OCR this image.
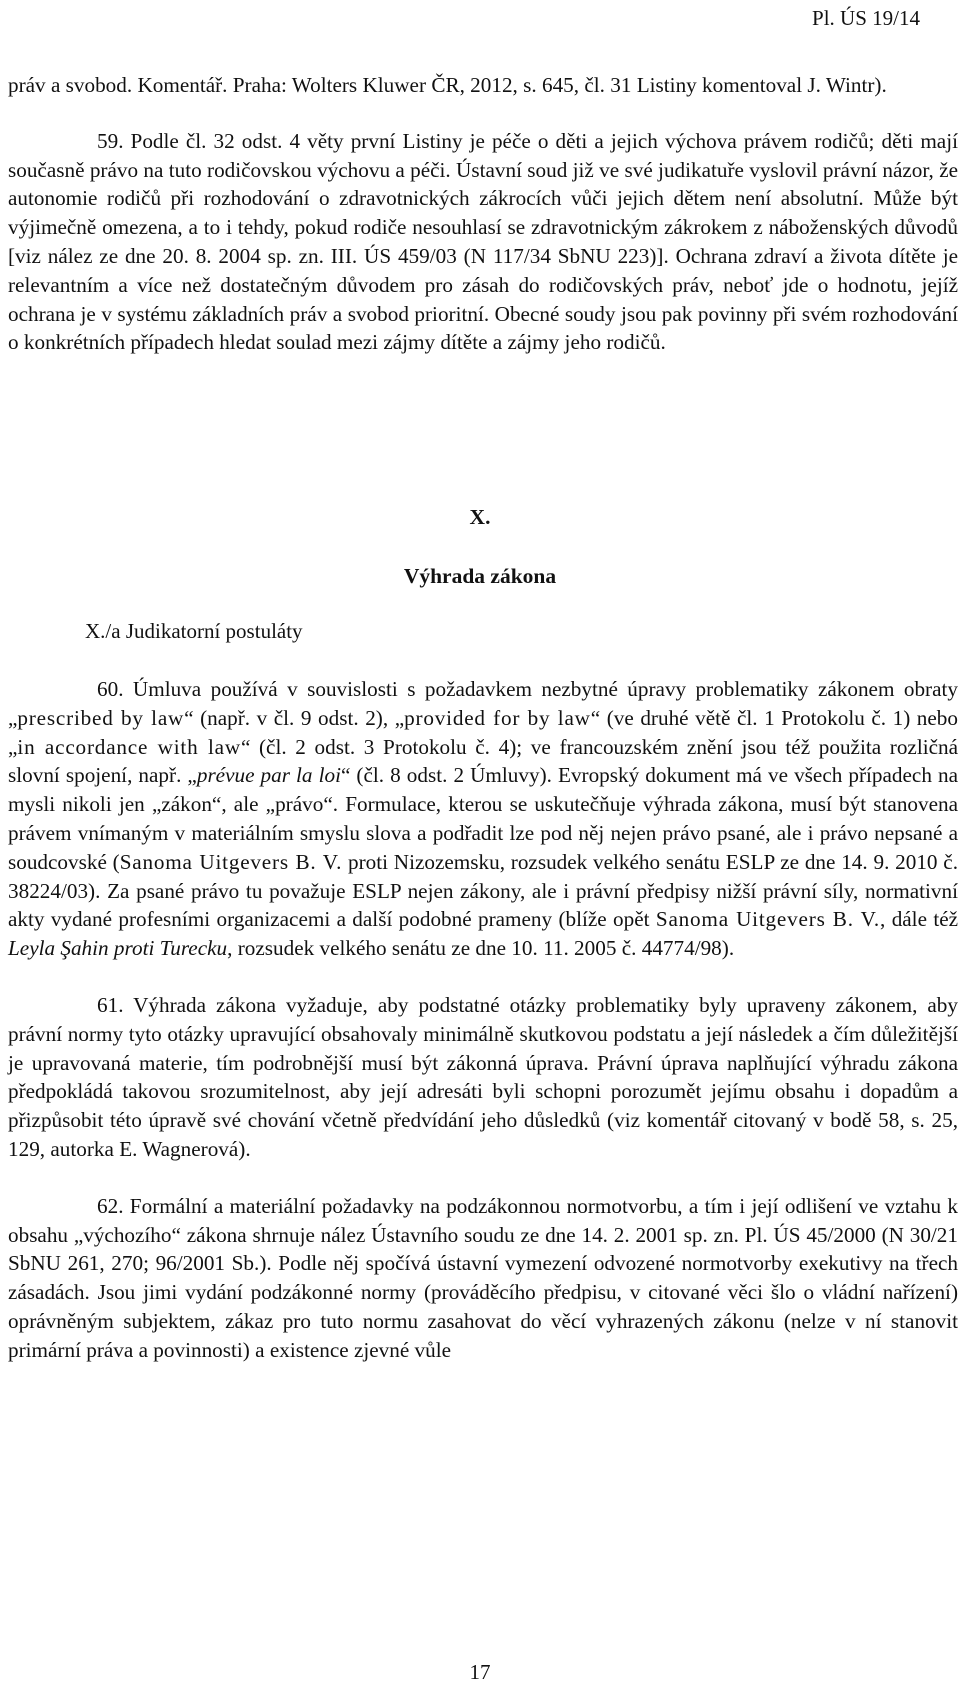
Pl. ÚS 19/14

práv a svobod. Komentář. Praha: Wolters Kluwer ČR, 2012, s. 645, čl. 31 Listiny komentoval J. Wintr).

59. Podle čl. 32 odst. 4 věty první Listiny je péče o děti a jejich výchova právem rodičů; děti mají současně právo na tuto rodičovskou výchovu a péči. Ústavní soud již ve své judikatuře vyslovil právní názor, že autonomie rodičů při rozhodování o zdravotnických zákrocích vůči jejich dětem není absolutní. Může být výjimečně omezena, a to i tehdy, pokud rodiče nesouhlasí se zdravotnickým zákrokem z náboženských důvodů [viz nález ze dne 20. 8. 2004 sp. zn. III. ÚS 459/03 (N 117/34 SbNU 223)]. Ochrana zdraví a života dítěte je relevantním a více než dostatečným důvodem pro zásah do rodičovských práv, neboť jde o hodnotu, jejíž ochrana je v systému základních práv a svobod prioritní. Obecné soudy jsou pak povinny při svém rozhodování o konkrétních případech hledat soulad mezi zájmy dítěte a zájmy jeho rodičů.

X.
Výhrada zákona
X./a Judikatorní postuláty

60. Úmluva používá v souvislosti s požadavkem nezbytné úpravy problematiky zákonem obraty „prescribed by law“ (např. v čl. 9 odst. 2), „provided for by law“ (ve druhé větě čl. 1 Protokolu č. 1) nebo „in accordance with law“ (čl. 2 odst. 3 Protokolu č. 4); ve francouzském znění jsou též použita rozličná slovní spojení, např. „prévue par la loi“ (čl. 8 odst. 2 Úmluvy). Evropský dokument má ve všech případech na mysli nikoli jen „zákon“, ale „právo“. Formulace, kterou se uskutečňuje výhrada zákona, musí být stanovena právem vnímaným v materiálním smyslu slova a podřadit lze pod něj nejen právo psané, ale i právo nepsané a soudcovské (Sanoma Uitgevers B. V. proti Nizozemsku, rozsudek velkého senátu ESLP ze dne 14. 9. 2010 č. 38224/03). Za psané právo tu považuje ESLP nejen zákony, ale i právní předpisy nižší právní síly, normativní akty vydané profesními organizacemi a další podobné prameny (blíže opět Sanoma Uitgevers B. V., dále též Leyla Şahin proti Turecku, rozsudek velkého senátu ze dne 10. 11. 2005 č. 44774/98).

61. Výhrada zákona vyžaduje, aby podstatné otázky problematiky byly upraveny zákonem, aby právní normy tyto otázky upravující obsahovaly minimálně skutkovou podstatu a její následek a čím důležitější je upravovaná materie, tím podrobnější musí být zákonná úprava. Právní úprava naplňující výhradu zákona předpokládá takovou srozumitelnost, aby její adresáti byli schopni porozumět jejímu obsahu i dopadům a přizpůsobit této úpravě své chování včetně předvídání jeho důsledků (viz komentář citovaný v bodě 58, s. 25, 129, autorka E. Wagnerová).

62. Formální a materiální požadavky na podzákonnou normotvorbu, a tím i její odlišení ve vztahu k obsahu „výchozího“ zákona shrnuje nález Ústavního soudu ze dne 14. 2. 2001 sp. zn. Pl. ÚS 45/2000 (N 30/21 SbNU 261, 270; 96/2001 Sb.). Podle něj spočívá ústavní vymezení odvozené normotvorby exekutivy na třech zásadách. Jsou jimi vydání podzákonné normy (prováděcího předpisu, v citované věci šlo o vládní nařízení) oprávněným subjektem, zákaz pro tuto normu zasahovat do věcí vyhrazených zákonu (nelze v ní stanovit primární práva a povinnosti) a existence zjevné vůle

17
